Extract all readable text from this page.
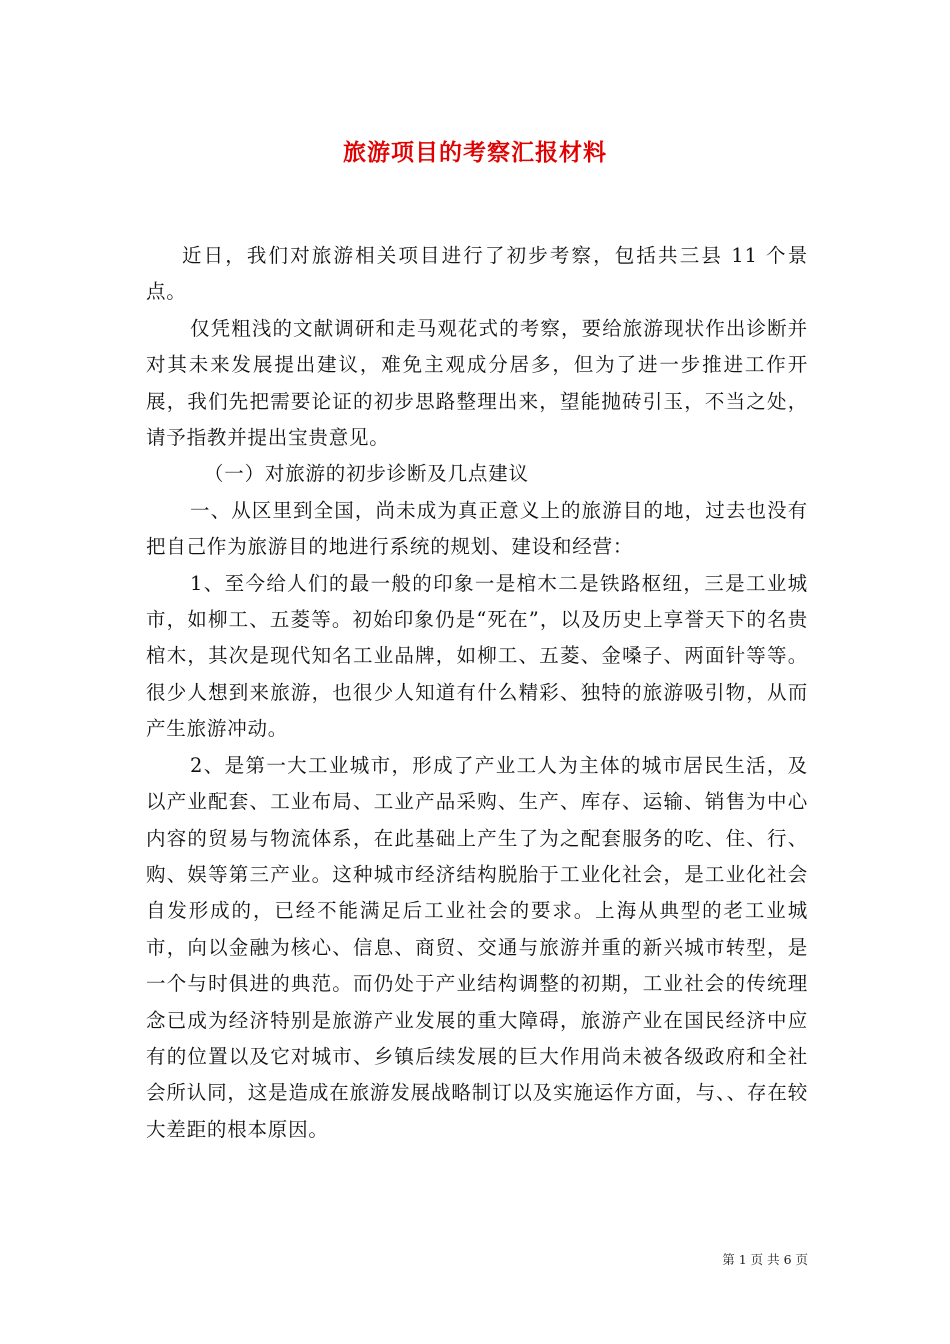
旅游项目的考察汇报材料

近日，我们对旅游相关项目进行了初步考察，包括共三县 11 个景点。

仅凭粗浅的文献调研和走马观花式的考察，要给旅游现状作出诊断并对其未来发展提出建议，难免主观成分居多，但为了进一步推进工作开展，我们先把需要论证的初步思路整理出来，望能抛砖引玉，不当之处，请予指教并提出宝贵意见。

（一）对旅游的初步诊断及几点建议

一、从区里到全国，尚未成为真正意义上的旅游目的地，过去也没有把自己作为旅游目的地进行系统的规划、建设和经营：

1、至今给人们的最一般的印象一是棺木二是铁路枢纽，三是工业城市，如柳工、五菱等。初始印象仍是“死在”，以及历史上享誉天下的名贵棺木，其次是现代知名工业品牌，如柳工、五菱、金嗓子、两面针等等。很少人想到来旅游，也很少人知道有什么精彩、独特的旅游吸引物，从而产生旅游冲动。

2、是第一大工业城市，形成了产业工人为主体的城市居民生活，及以产业配套、工业布局、工业产品采购、生产、库存、运输、销售为中心内容的贸易与物流体系，在此基础上产生了为之配套服务的吃、住、行、购、娱等第三产业。这种城市经济结构脱胎于工业化社会，是工业化社会自发形成的，已经不能满足后工业社会的要求。上海从典型的老工业城市，向以金融为核心、信息、商贸、交通与旅游并重的新兴城市转型，是一个与时俱进的典范。而仍处于产业结构调整的初期，工业社会的传统理念已成为经济特别是旅游产业发展的重大障碍，旅游产业在国民经济中应有的位置以及它对城市、乡镇后续发展的巨大作用尚未被各级政府和全社会所认同，这是造成在旅游发展战略制订以及实施运作方面，与、、存在较大差距的根本原因。

第 1 页 共 6 页
